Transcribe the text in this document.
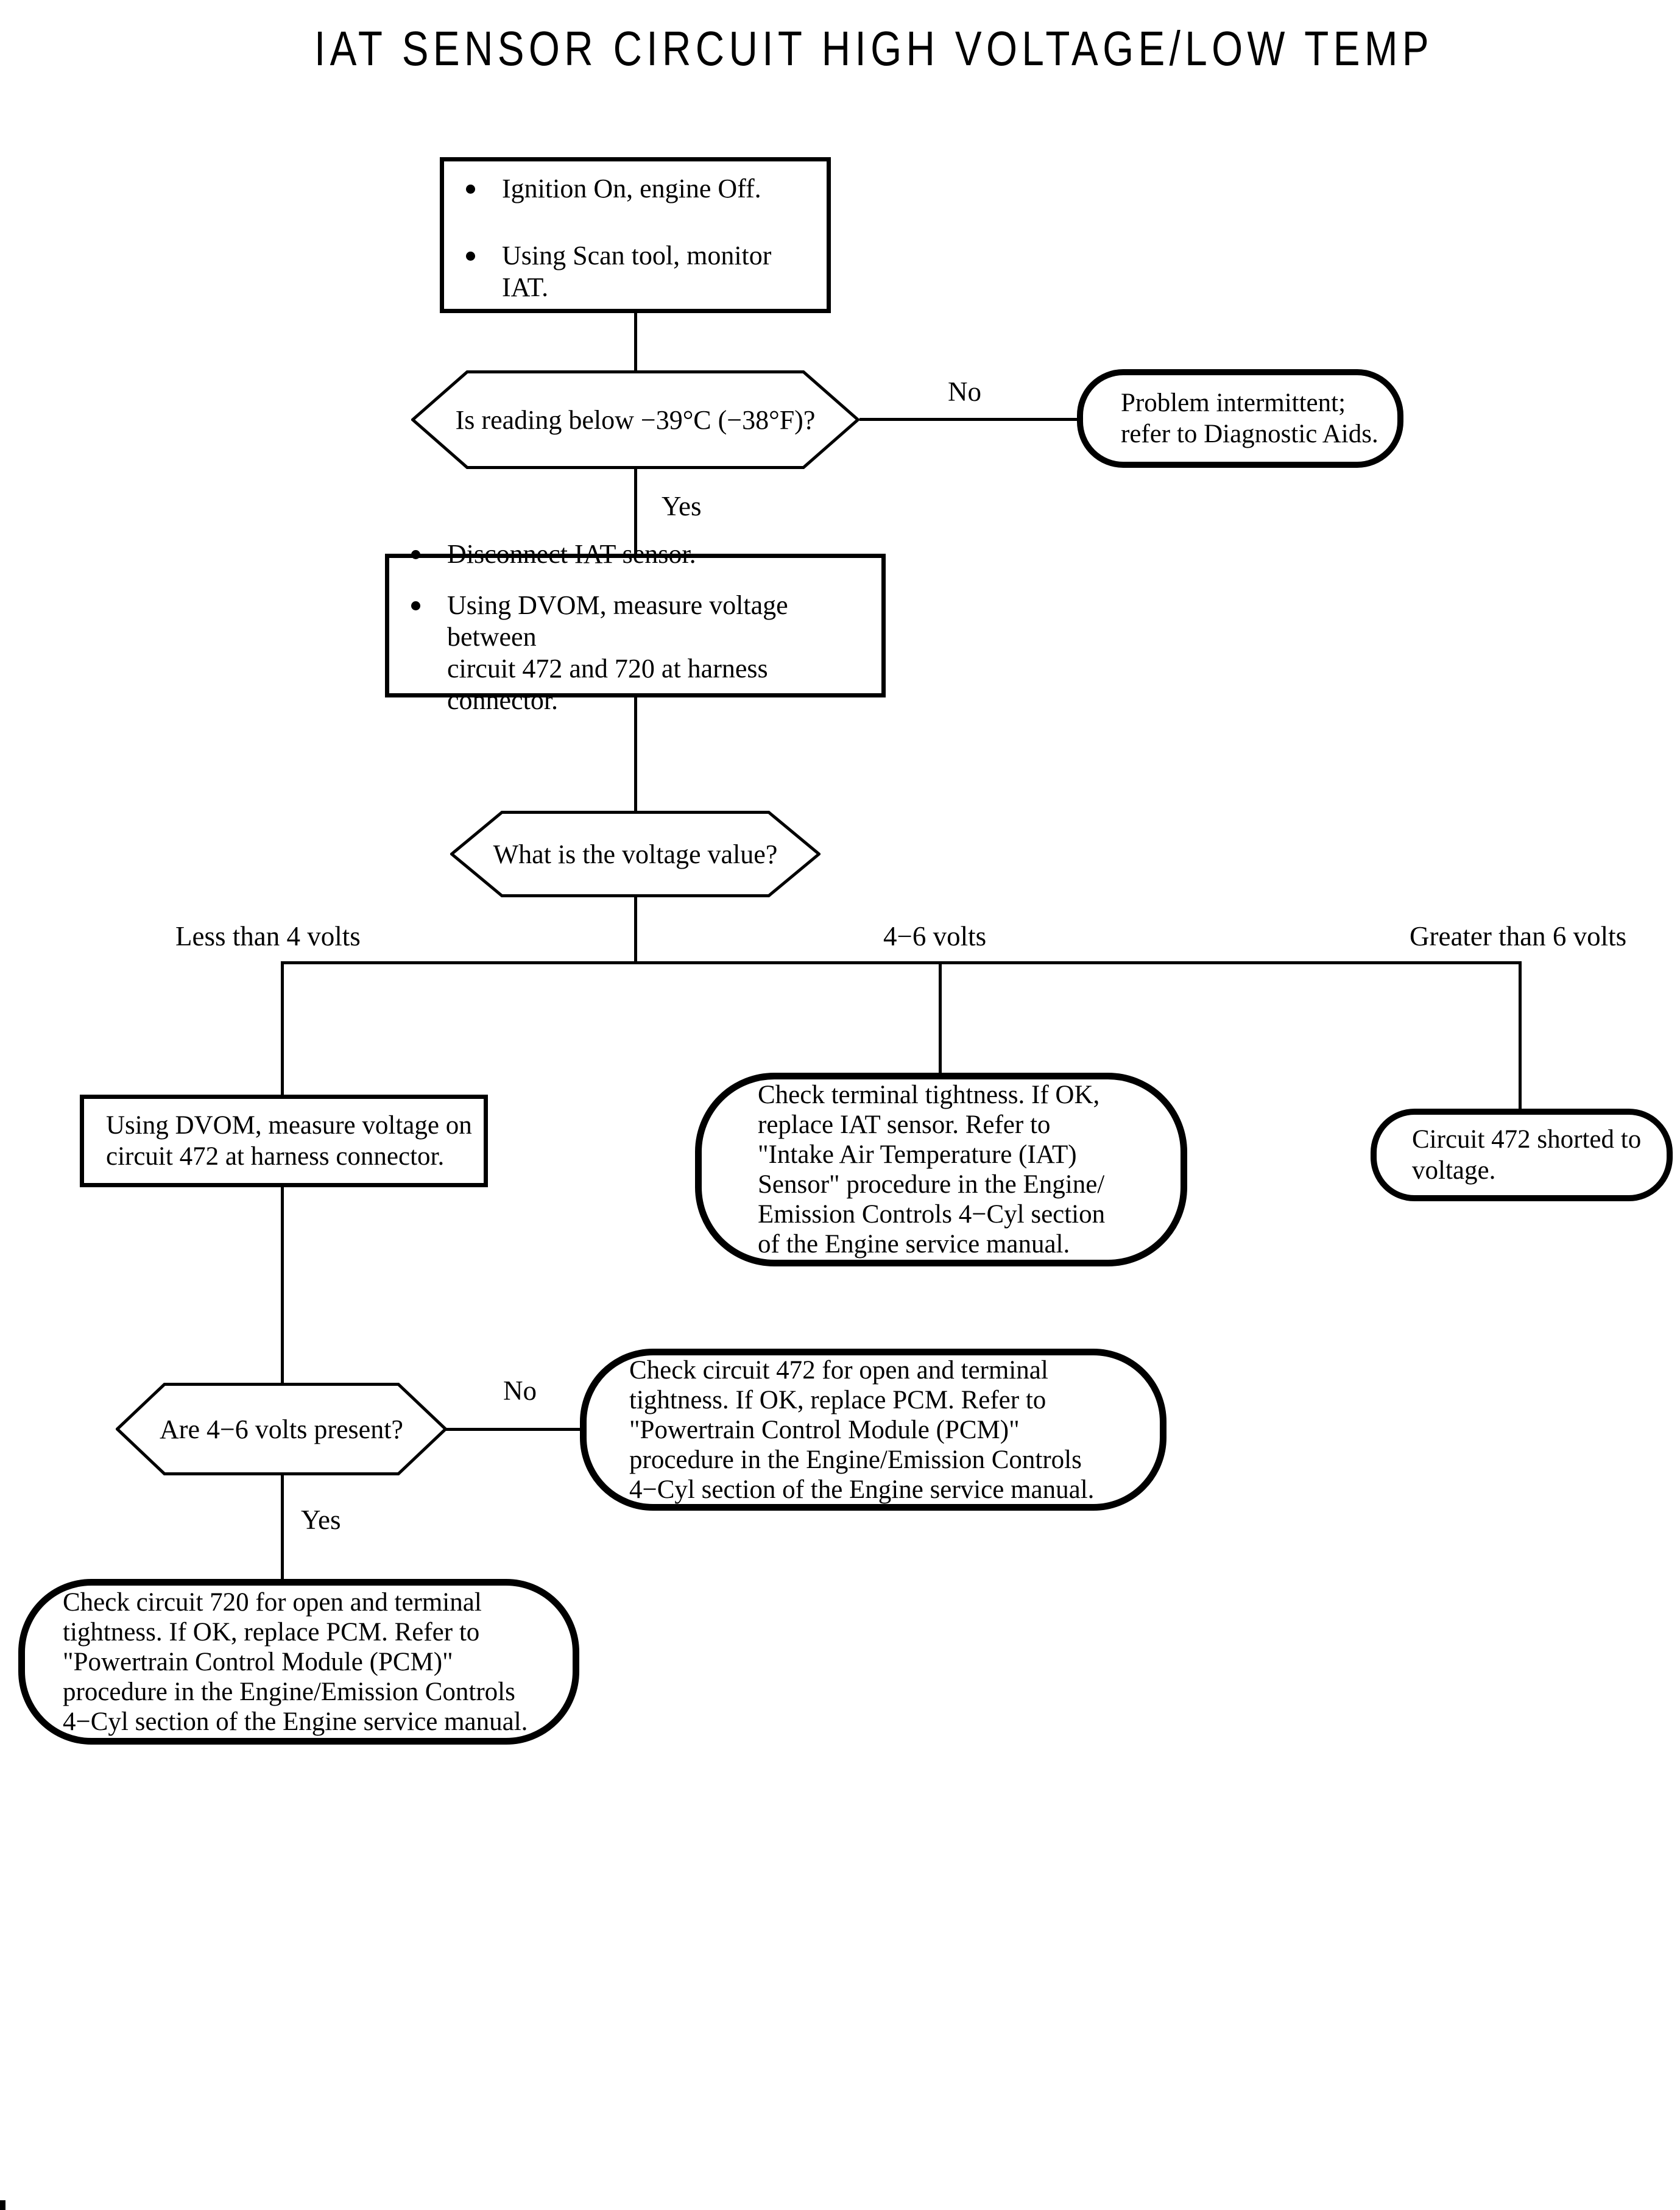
IAT SENSOR CIRCUIT HIGH VOLTAGE/LOW TEMP
Ignition On, engine Off.
Using Scan tool, monitor IAT.
Is reading below −39°C (−38°F)?
No	Problem intermittent;
refer to Diagnostic Aids.
Yes
Disconnect IAT sensor.
Using DVOM, measure voltage between
circuit 472 and 720 at harness connector.
What is the voltage value?
Less than 4 volts	4−6 volts	Greater than 6 volts
Using DVOM, measure voltage on
circuit 472 at harness connector.
Check terminal tightness. If OK,
replace IAT sensor. Refer to
"Intake Air Temperature (IAT)
Sensor" procedure in the Engine/
Emission Controls 4−Cyl section
of the Engine service manual.
Circuit 472 shorted to
voltage.
Are 4−6 volts present?
No
Check circuit 472 for open and terminal
tightness. If OK, replace PCM. Refer to
"Powertrain Control Module (PCM)"
procedure in the Engine/Emission Controls
4−Cyl section of the Engine service manual.
Yes
Check circuit 720 for open and terminal
tightness. If OK, replace PCM. Refer to
"Powertrain Control Module (PCM)"
procedure in the Engine/Emission Controls
4−Cyl section of the Engine service manual.
